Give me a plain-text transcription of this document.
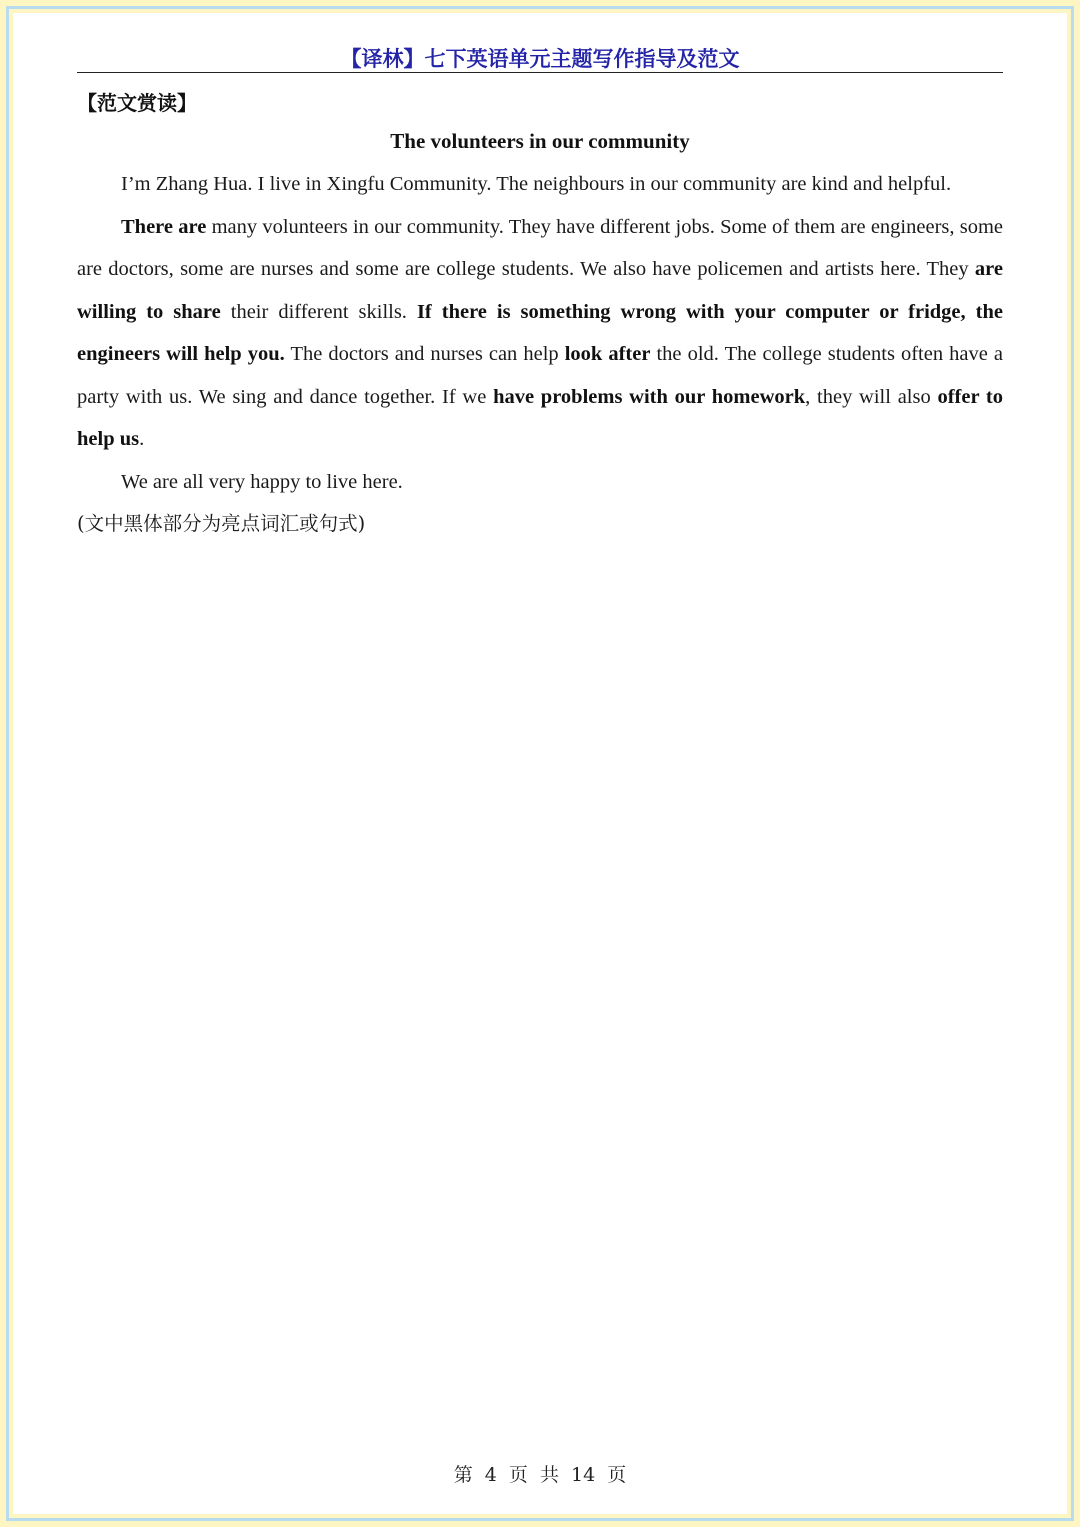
【译林】七下英语单元主题写作指导及范文
【范文赏读】
The volunteers in our community

I’m Zhang Hua. I live in Xingfu Community. The neighbours in our community are kind and helpful.

There are many volunteers in our community. They have different jobs. Some of them are engineers, some are doctors, some are nurses and some are college students. We also have policemen and artists here. They are willing to share their different skills. If there is something wrong with your computer or fridge, the engineers will help you. The doctors and nurses can help look after the old. The college students often have a party with us. We sing and dance together. If we have problems with our homework, they will also offer to help us.

We are all very happy to live here.

(文中黑体部分为亮点词汇或句式)

第 4 页 共 14 页
